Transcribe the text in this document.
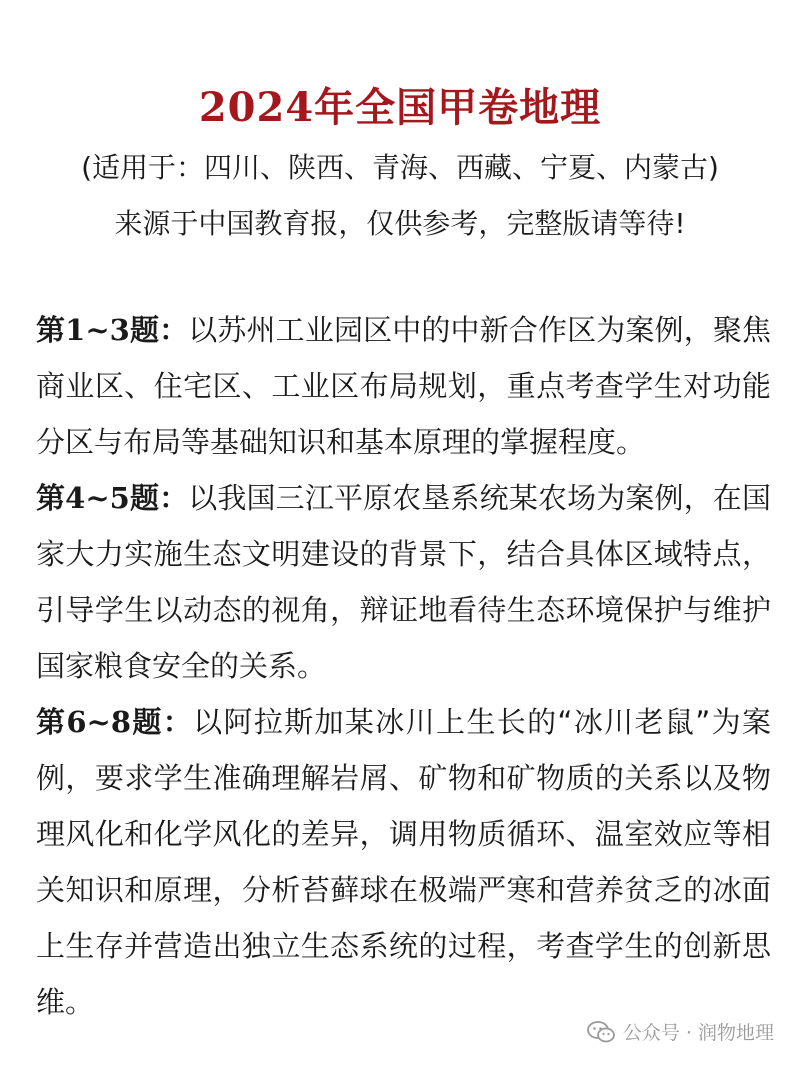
2024年全国甲卷地理
(适用于：四川、陕西、青海、西藏、宁夏、内蒙古)
来源于中国教育报，仅供参考，完整版请等待!

第1~3题：以苏州工业园区中的中新合作区为案例，聚焦商业区、住宅区、工业区布局规划，重点考查学生对功能分区与布局等基础知识和基本原理的掌握程度。

第4~5题：以我国三江平原农垦系统某农场为案例，在国家大力实施生态文明建设的背景下，结合具体区域特点，引导学生以动态的视角，辩证地看待生态环境保护与维护国家粮食安全的关系。

第6~8题：以阿拉斯加某冰川上生长的“冰川老鼠”为案例，要求学生准确理解岩屑、矿物和矿物质的关系以及物理风化和化学风化的差异，调用物质循环、温室效应等相关知识和原理，分析苔藓球在极端严寒和营养贫乏的冰面上生存并营造出独立生态系统的过程，考查学生的创新思维。

公众号 · 润物地理
